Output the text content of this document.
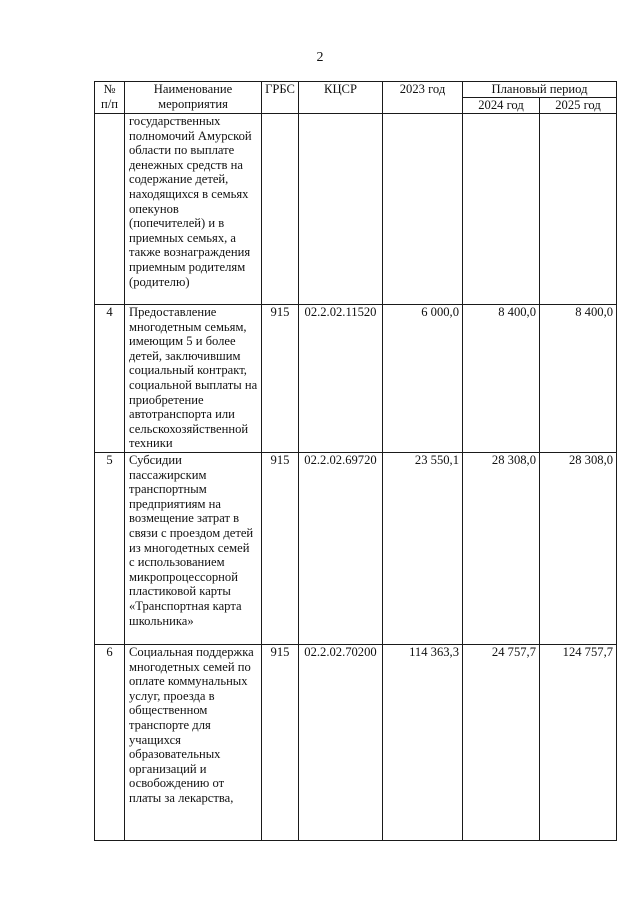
2
№ п/п	Наименование мероприятия	ГРБС	КЦСР	2023 год	Плановый период	
					2024 год	2025 год
	государственных полномочий Амурской области по выплате денежных средств на содержание детей, находящихся в семьях опекунов (попечителей) и в приемных семьях, а также вознаграждения приемным родителям (родителю)					
4	Предоставление многодетным семьям, имеющим 5 и более детей, заключившим социальный контракт, социальной выплаты на приобретение автотранспорта или сельскохозяйственной техники	915	02.2.02.11520	6 000,0	8 400,0	8 400,0
5	Субсидии пассажирским транспортным предприятиям на возмещение затрат в связи с проездом детей из многодетных семей с использованием микропроцессорной пластиковой карты «Транспортная карта школьника»	915	02.2.02.69720	23 550,1	28 308,0	28 308,0
6	Социальная поддержка многодетных семей по оплате коммунальных услуг, проезда в общественном транспорте для учащихся образовательных организаций и освобождению от платы за лекарства,	915	02.2.02.70200	114 363,3	24 757,7	124 757,7
